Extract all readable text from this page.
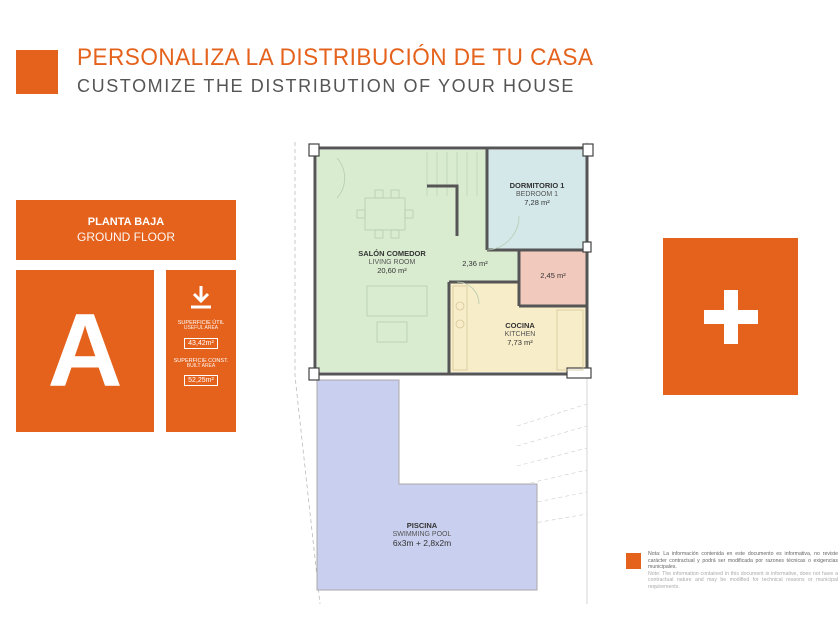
PERSONALIZA LA DISTRIBUCIÓN DE TU CASA
CUSTOMIZE THE DISTRIBUTION OF YOUR HOUSE
PLANTA BAJA
GROUND FLOOR
A	SUPERFICIE ÚTIL
USEFUL AREA
43,42m²
SUPERFICIE CONST.
BUILT AREA
52,25m²
SALÓN COMEDOR
LIVING ROOM
20,60 m²
DORMITORIO 1
BEDROOM 1
7,28 m²
2,36 m²
2,45 m²
COCINA
KITCHEN
7,73 m²
PISCINA
SWIMMING POOL
6x3m + 2,8x2m
Nota: La información contenida en este documento es informativa, no reviste carácter contractual y podrá ser modificada por razones técnicas o exigencias municipales.
Note: The information contained in this document is informative, does not have a contractual nature and may be modified for technical reasons or municipal requirements.
